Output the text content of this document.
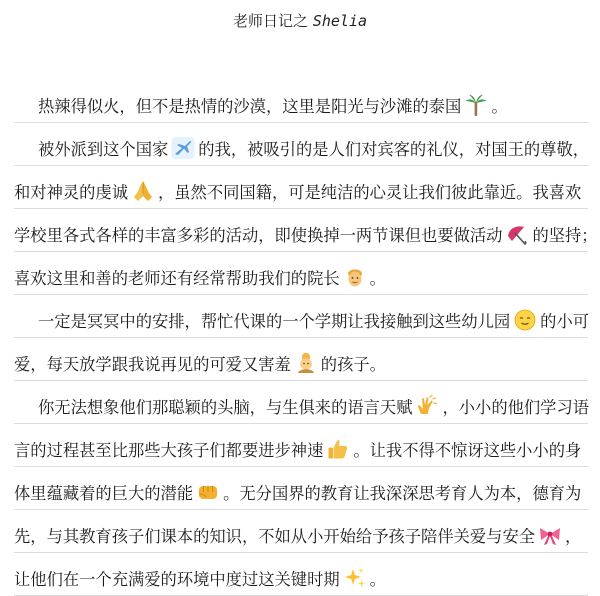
老师日记之 Shelia
热辣得似火，但不是热情的沙漠，这里是阳光与沙滩的泰国 。
被外派到这个国家 的我，被吸引的是人们对宾客的礼仪，对国王的尊敬，
和对神灵的虔诚 ，虽然不同国籍，可是纯洁的心灵让我们彼此靠近。我喜欢
学校里各式各样的丰富多彩的活动，即使换掉一两节课但也要做活动 的坚持；
喜欢这里和善的老师还有经常帮助我们的院长 。
一定是冥冥中的安排，帮忙代课的一个学期让我接触到这些幼儿园 的小可
爱，每天放学跟我说再见的可爱又害羞 的孩子。
你无法想象他们那聪颖的头脑，与生俱来的语言天赋 ，小小的他们学习语
言的过程甚至比那些大孩子们都要进步神速 。让我不得不惊讶这些小小的身
体里蕴藏着的巨大的潜能 。无分国界的教育让我深深思考育人为本，德育为
先，与其教育孩子们课本的知识，不如从小开始给予孩子陪伴关爱与安全 ，
让他们在一个充满爱的环境中度过这关键时期 。
